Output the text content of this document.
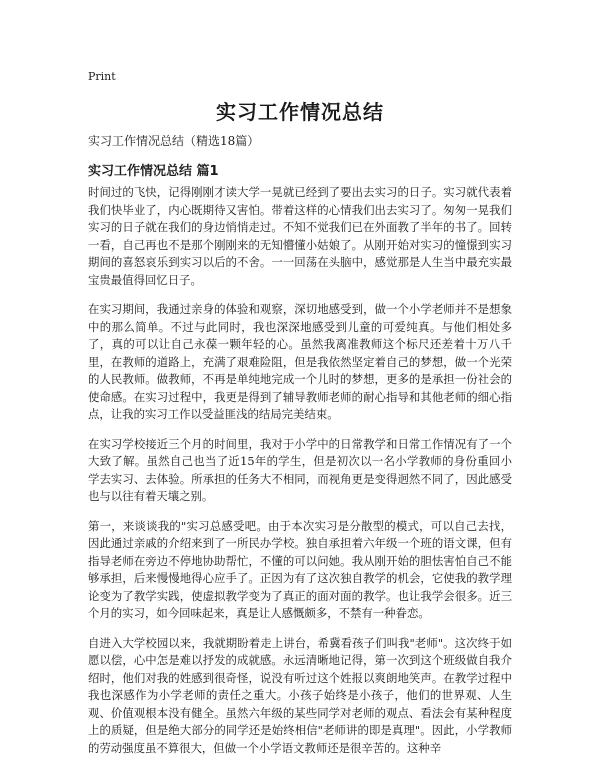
Print
实习工作情况总结

实习工作情况总结（精选18篇）

实习工作情况总结 篇1

时间过的飞快，记得刚刚才读大学一晃就已经到了要出去实习的日子。实习就代表着我们快毕业了，内心既期待又害怕。带着这样的心情我们出去实习了。匆匆一晃我们实习的日子就在我们的身边悄悄走过。不知不觉我们已在外面教了半年的书了。回转一看，自己再也不是那个刚刚来的无知懵懂小姑娘了。从刚开始对实习的憧憬到实习期间的喜怒哀乐到实习以后的不舍。一一回荡在头脑中，感觉那是人生当中最充实最宝贵最值得回忆日子。

在实习期间，我通过亲身的体验和观察，深切地感受到，做一个小学老师并不是想象中的那么简单。不过与此同时，我也深深地感受到儿童的可爱纯真。与他们相处多了，真的可以让自己永葆一颗年轻的心。虽然我离准教师这个标尺还差着十万八千里，在教师的道路上，充满了艰难险阻，但是我依然坚定着自己的梦想，做一个光荣的人民教师。做教师，不再是单纯地完成一个儿时的梦想，更多的是承担一份社会的使命感。在实习过程中，我更是得到了辅导教师老师的耐心指导和其他老师的细心指点，让我的实习工作以受益匪浅的结局完美结束。

在实习学校接近三个月的时间里，我对于小学中的日常教学和日常工作情况有了一个大致了解。虽然自己也当了近15年的学生，但是初次以一名小学教师的身份重回小学去实习、去体验。所承担的任务大不相同，而视角更是变得迥然不同了，因此感受也与以往有着天壤之别。

第一，来谈谈我的"实习总感受吧。由于本次实习是分散型的模式，可以自己去找，因此通过亲戚的介绍来到了一所民办学校。独自承担着六年级一个班的语文课，但有指导老师在旁边不停地协助帮忙，不懂的可以问她。我从刚开始的胆怯害怕自己不能够承担，后来慢慢地得心应手了。正因为有了这次独自教学的机会，它使我的教学理论变为了教学实践，使虚拟教学变为了真正的面对面的教学。也让我学会很多。近三个月的实习，如今回味起来，真是让人感慨颇多，不禁有一种眷恋。

自进入大学校园以来，我就期盼着走上讲台，希冀看孩子们叫我"老师"。这次终于如愿以偿，心中怎是难以抒发的成就感。永远清晰地记得，第一次到这个班级做自我介绍时，他们对我的姓感到很奇怪，说没有听过这个姓报以爽朗地笑声。在教学过程中我也深感作为小学老师的责任之重大。小孩子始终是小孩子，他们的世界观、人生观、价值观根本没有健全。虽然六年级的某些同学对老师的观点、看法会有某种程度上的质疑，但是绝大部分的同学还是始终相信"老师讲的即是真理"。因此，小学教师的劳动强度虽不算很大，但做一个小学语文教师还是很辛苦的。这种辛
